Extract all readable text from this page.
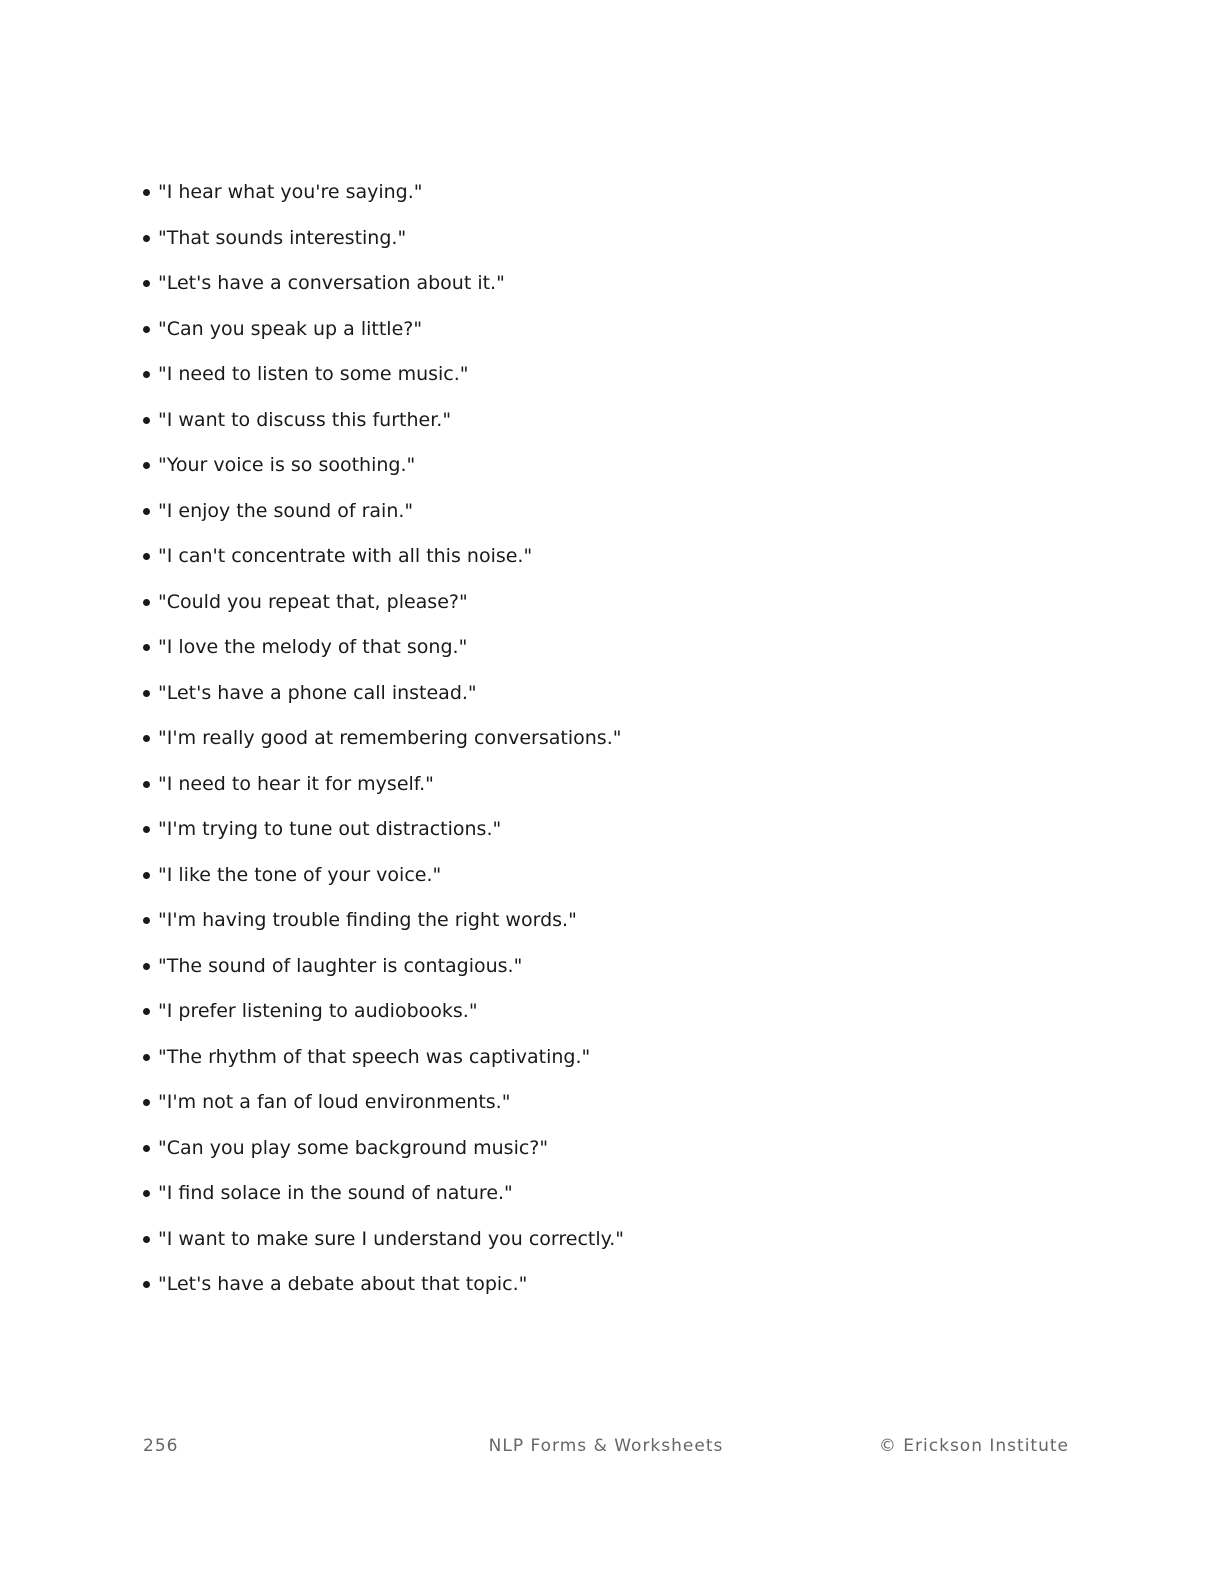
"I hear what you're saying."
"That sounds interesting."
"Let's have a conversation about it."
"Can you speak up a little?"
"I need to listen to some music."
"I want to discuss this further."
"Your voice is so soothing."
"I enjoy the sound of rain."
"I can't concentrate with all this noise."
"Could you repeat that, please?"
"I love the melody of that song."
"Let's have a phone call instead."
"I'm really good at remembering conversations."
"I need to hear it for myself."
"I'm trying to tune out distractions."
"I like the tone of your voice."
"I'm having trouble finding the right words."
"The sound of laughter is contagious."
"I prefer listening to audiobooks."
"The rhythm of that speech was captivating."
"I'm not a fan of loud environments."
"Can you play some background music?"
"I find solace in the sound of nature."
"I want to make sure I understand you correctly."
"Let's have a debate about that topic."
256	NLP Forms & Worksheets	© Erickson Institute
